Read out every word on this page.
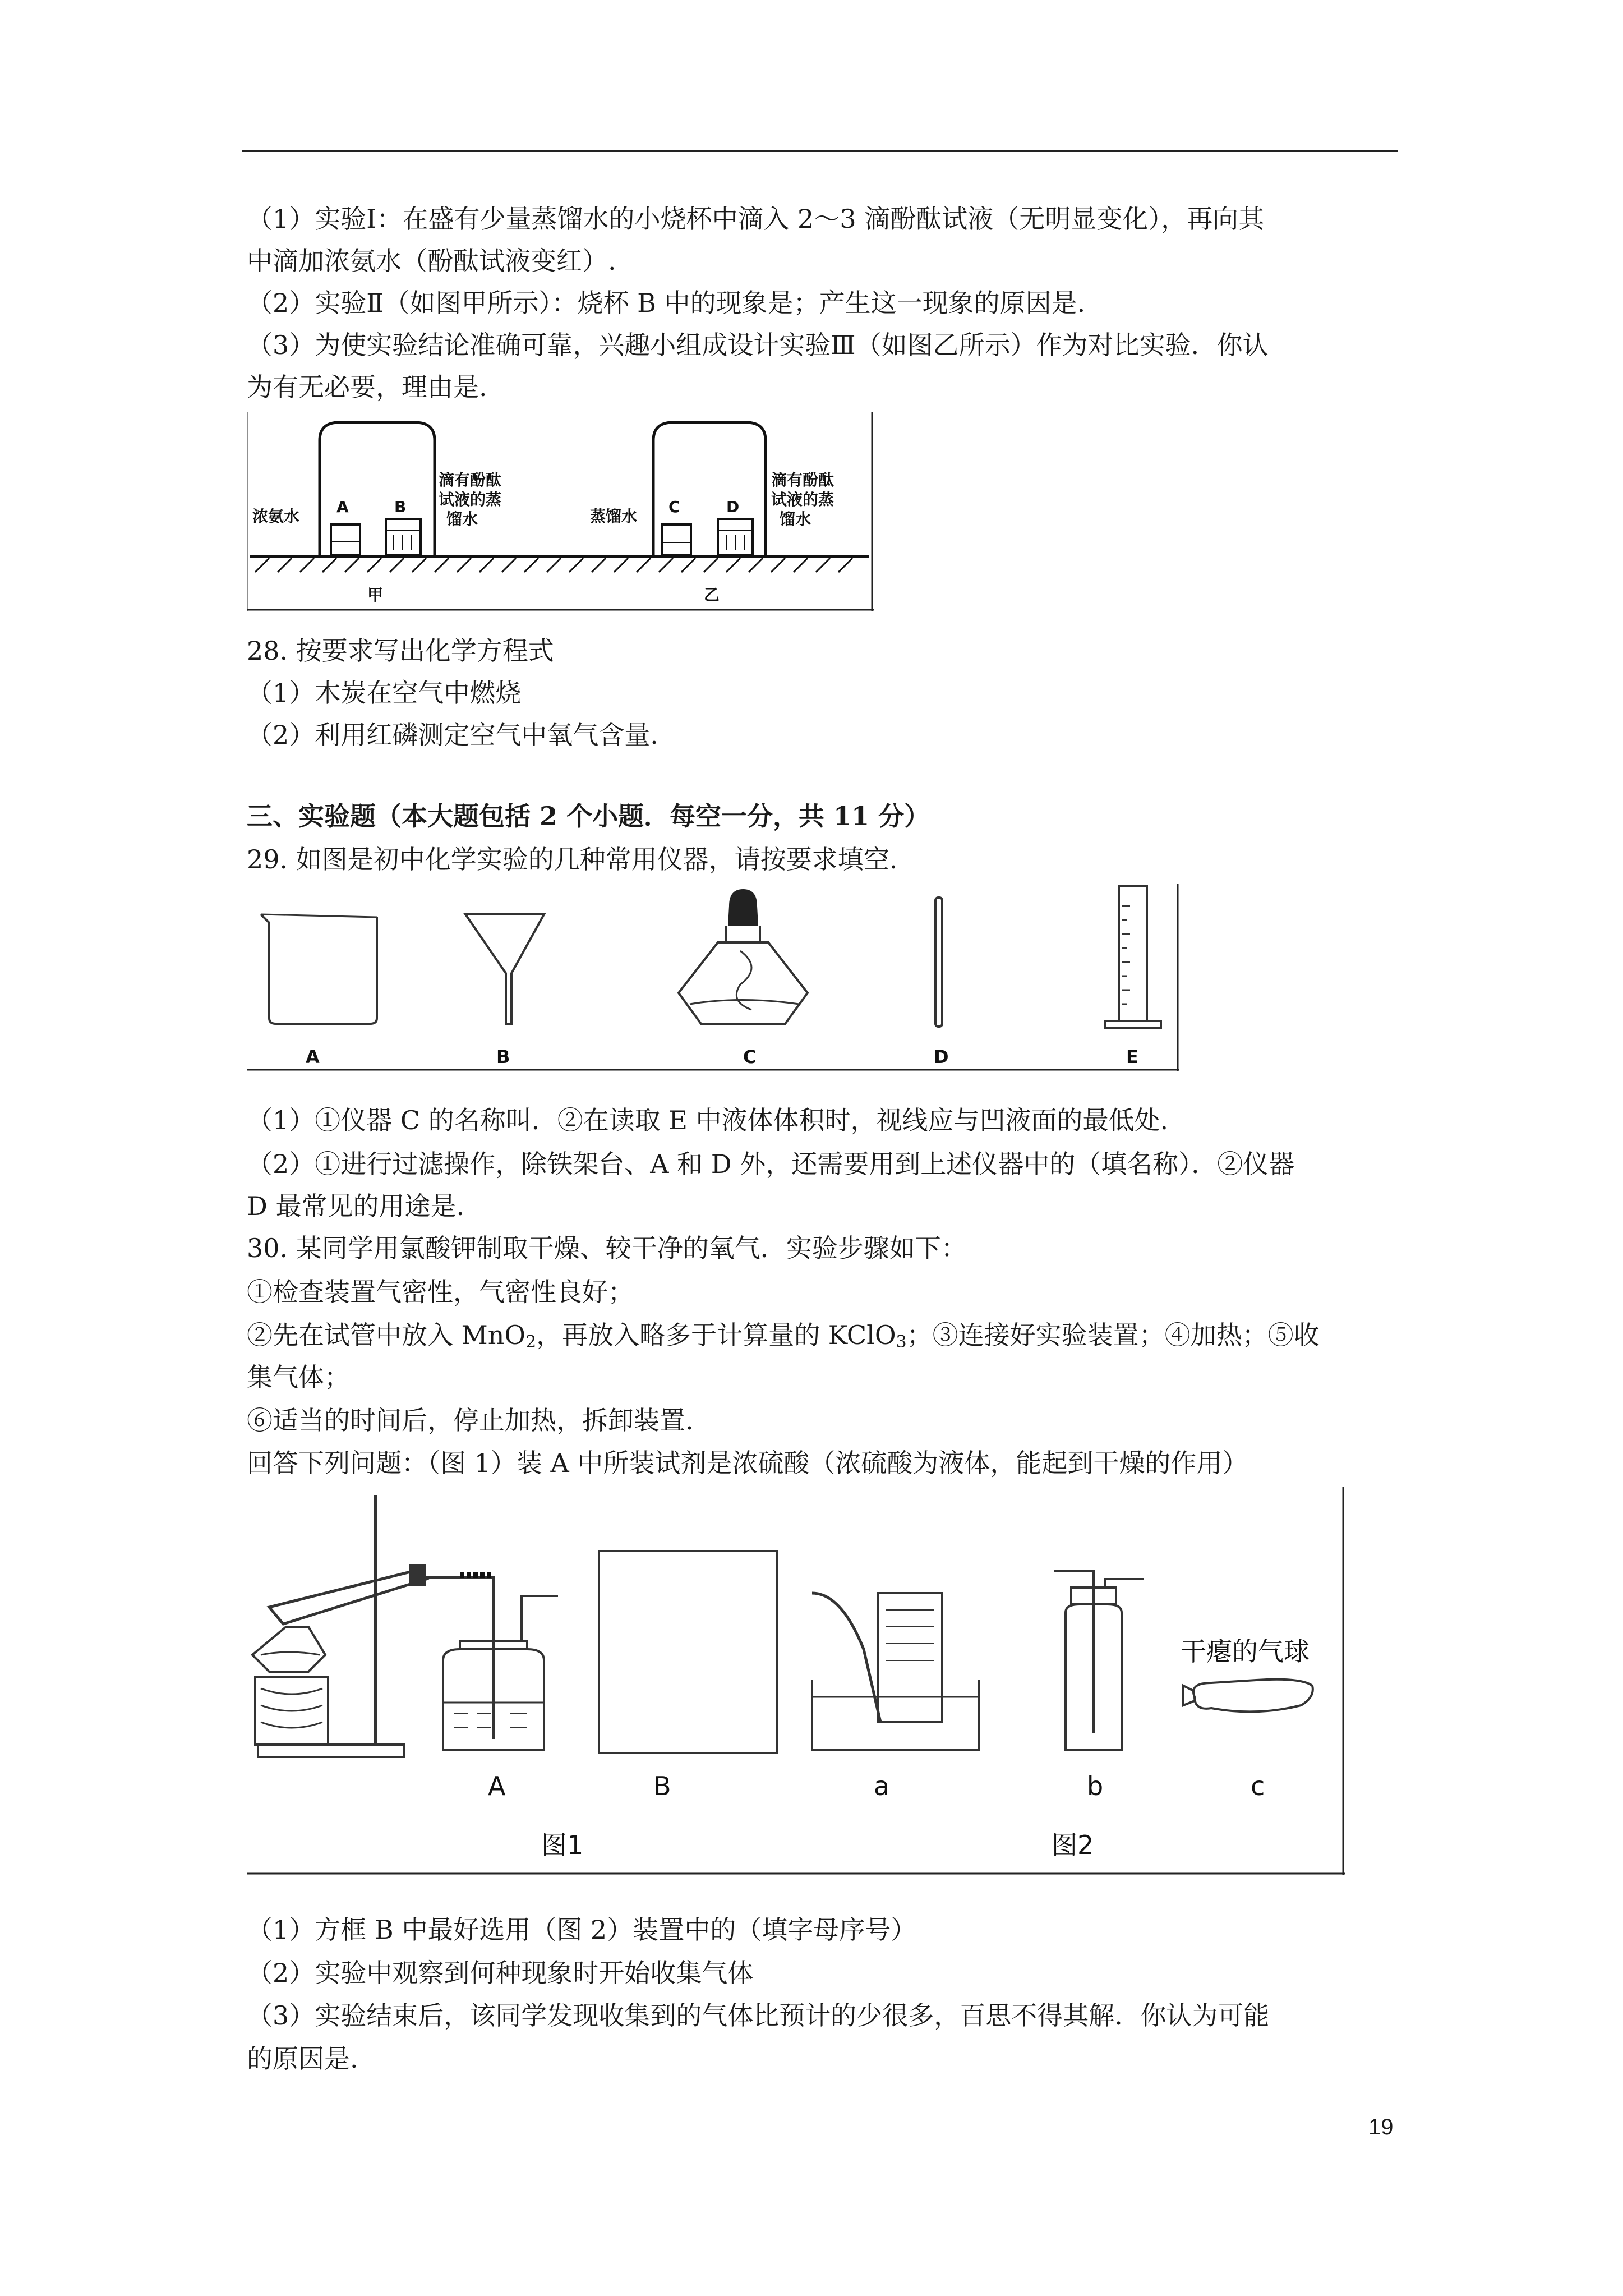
（1）实验Ⅰ：在盛有少量蒸馏水的小烧杯中滴入 2～3 滴酚酞试液（无明显变化），再向其
中滴加浓氨水（酚酞试液变红）.
（2）实验Ⅱ（如图甲所示）：烧杯 B 中的现象是；产生这一现象的原因是.
（3）为使实验结论准确可靠，兴趣小组成设计实验Ⅲ（如图乙所示）作为对比实验．你认
为有无必要，理由是.
浓氨水
A	B
滴有酚酞
试液的蒸
馏水
甲
蒸馏水
C	D
滴有酚酞
试液的蒸
馏水
乙
28. 按要求写出化学方程式
（1）木炭在空气中燃烧
（2）利用红磷测定空气中氧气含量.
三、实验题（本大题包括 2 个小题．每空一分，共 11 分）
29. 如图是初中化学实验的几种常用仪器，请按要求填空.
A	B	C	D	E
（1）①仪器 C 的名称叫．②在读取 E 中液体体积时，视线应与凹液面的最低处.
（2）①进行过滤操作，除铁架台、A 和 D 外，还需要用到上述仪器中的（填名称）．②仪器
D 最常见的用途是.
30. 某同学用氯酸钾制取干燥、较干净的氧气．实验步骤如下：
①检查装置气密性，气密性良好；
②先在试管中放入 MnO$_2$，再放入略多于计算量的 KClO$_3$；③连接好实验装置；④加热；⑤收
集气体；
⑥适当的时间后，停止加热，拆卸装置.
回答下列问题：（图 1）装 A 中所装试剂是浓硫酸（浓硫酸为液体，能起到干燥的作用）
干瘪的气球
A	B	a	b	c
图1	图2
（1）方框 B 中最好选用（图 2）装置中的（填字母序号）
（2）实验中观察到何种现象时开始收集气体
（3）实验结束后，该同学发现收集到的气体比预计的少很多，百思不得其解．你认为可能
的原因是.
19
